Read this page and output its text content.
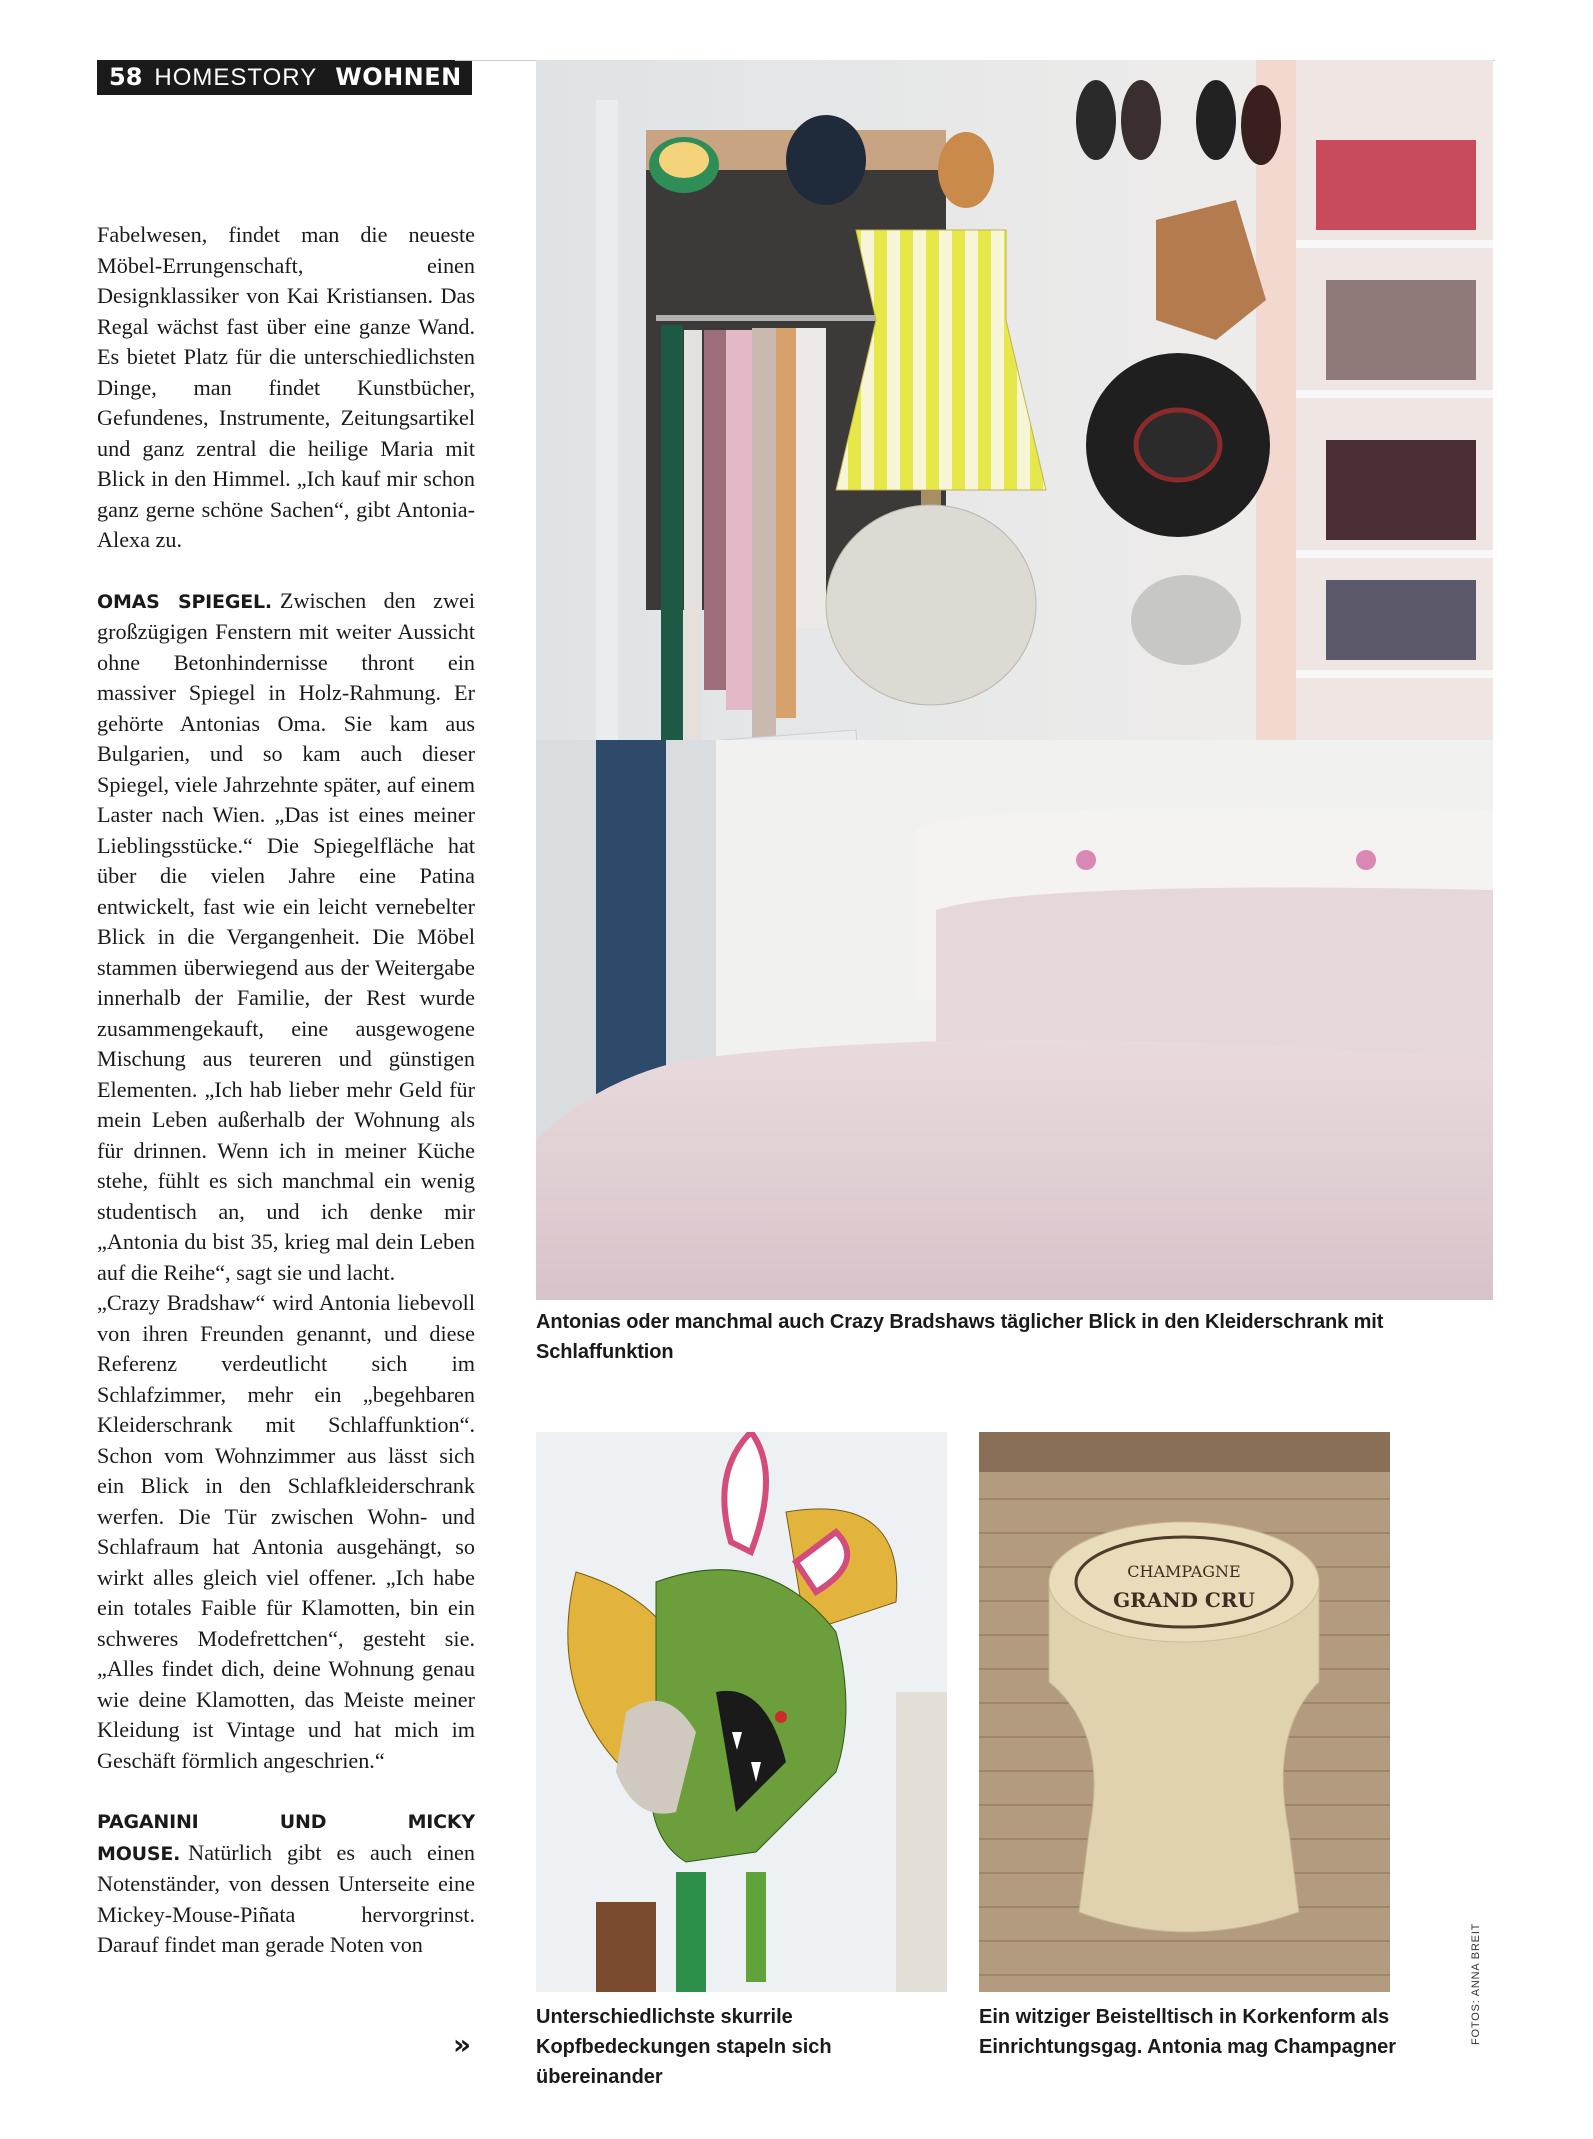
58 HOMESTORY WOHNEN

Fabelwesen, findet man die neueste Möbel-Errungenschaft, einen Designklassiker von Kai Kristiansen. Das Regal wächst fast über eine ganze Wand. Es bietet Platz für die unterschiedlichsten Dinge, man findet Kunstbücher, Gefundenes, Instrumente, Zeitungsartikel und ganz zentral die heilige Maria mit Blick in den Himmel. „Ich kauf mir schon ganz gerne schöne Sachen“, gibt Antonia-Alexa zu.

OMAS SPIEGEL. Zwischen den zwei großzügigen Fenstern mit weiter Aussicht ohne Betonhindernisse thront ein massiver Spiegel in Holz-Rahmung. Er gehörte Antonias Oma. Sie kam aus Bulgarien, und so kam auch dieser Spiegel, viele Jahrzehnte später, auf einem Laster nach Wien. „Das ist eines meiner Lieblingsstücke.“ Die Spiegelfläche hat über die vielen Jahre eine Patina entwickelt, fast wie ein leicht vernebelter Blick in die Vergangenheit. Die Möbel stammen überwiegend aus der Weitergabe innerhalb der Familie, der Rest wurde zusammengekauft, eine ausgewogene Mischung aus teureren und günstigen Elementen. „Ich hab lieber mehr Geld für mein Leben außerhalb der Wohnung als für drinnen. Wenn ich in meiner Küche stehe, fühlt es sich manchmal ein wenig studentisch an, und ich denke mir „Antonia du bist 35, krieg mal dein Leben auf die Reihe“, sagt sie und lacht.

„Crazy Bradshaw“ wird Antonia liebevoll von ihren Freunden genannt, und diese Referenz verdeutlicht sich im Schlafzimmer, mehr ein „begehbaren Kleiderschrank mit Schlaffunktion“. Schon vom Wohnzimmer aus lässt sich ein Blick in den Schlafkleiderschrank werfen. Die Tür zwischen Wohn- und Schlafraum hat Antonia ausgehängt, so wirkt alles gleich viel offener. „Ich habe ein totales Faible für Klamotten, bin ein schweres Modefrettchen“, gesteht sie. „Alles findet dich, deine Wohnung genau wie deine Klamotten, das Meiste meiner Kleidung ist Vintage und hat mich im Geschäft förmlich angeschrien.“

PAGANINI UND MICKY MOUSE. Natürlich gibt es auch einen Notenständer, von dessen Unterseite eine Mickey-Mouse-Piñata hervorgrinst. Darauf findet man gerade Noten von

»
Antonias oder manchmal auch Crazy Bradshaws täglicher Blick in den Kleiderschrank mit Schlaffunktion
Unterschiedlichste skurrile Kopfbedeckungen stapeln sich übereinander
CHAMPAGNE
GRAND CRU
Ein witziger Beistelltisch in Korkenform als Einrichtungsgag. Antonia mag Champagner
FOTOS: ANNA BREIT
